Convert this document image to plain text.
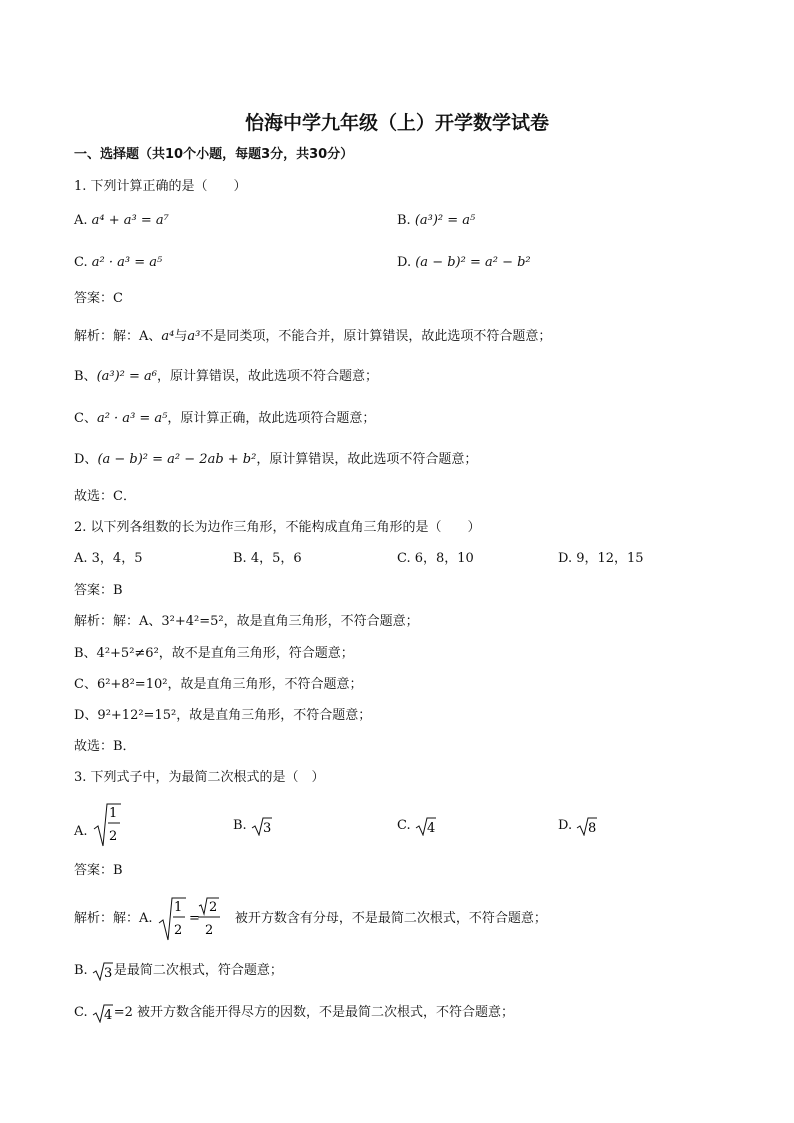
怡海中学九年级（上）开学数学试卷
一、选择题（共10个小题，每题3分，共30分）
1. 下列计算正确的是（　　）
A. a⁴ + a³ = a⁷	B. (a³)² = a⁵
C. a² · a³ = a⁵	D. (a − b)² = a² − b²
答案：C
解析：解：A、a⁴与a³不是同类项，不能合并，原计算错误，故此选项不符合题意；
B、(a³)² = a⁶，原计算错误，故此选项不符合题意；
C、a² · a³ = a⁵，原计算正确，故此选项符合题意；
D、(a − b)² = a² − 2ab + b²，原计算错误，故此选项不符合题意；
故选：C．
2. 以下列各组数的长为边作三角形，不能构成直角三角形的是（　　）
A. 3，4，5	B. 4，5，6	C. 6，8，10	D. 9，12，15
答案：B
解析：解：A、3²+4²=5²，故是直角三角形，不符合题意；
B、4²+5²≠6²，故不是直角三角形，符合题意；
C、6²+8²=10²，故是直角三角形，不符合题意；
D、9²+12²=15²，故是直角三角形，不符合题意；
故选：B．
3. 下列式子中，为最简二次根式的是（　）
A.
1
2
B. 3	C. 4	D. 8
答案：B
解析：解：A.
1
2
=
2
2
被开方数含有分母，不是最简二次根式，不符合题意；
B. 3 是最简二次根式，符合题意；
C. 4 =2 被开方数含能开得尽方的因数，不是最简二次根式，不符合题意；
